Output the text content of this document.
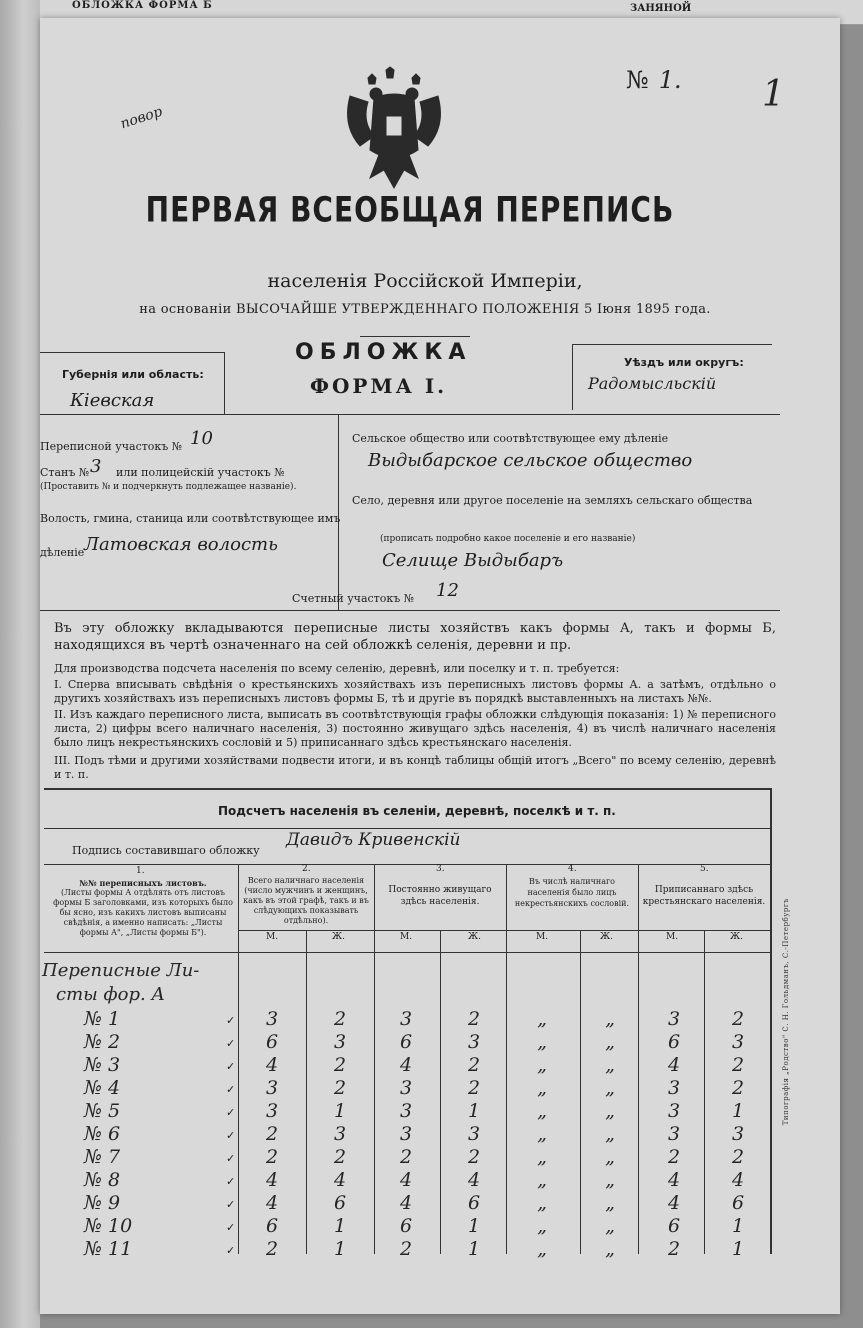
ОБЛОЖКА ФОРМА Б	ЗАНЯНОЙ
№ 1. 1
повор
ПЕРВАЯ ВСЕОБЩАЯ ПЕРЕПИСЬ
населенія Россійской Имперіи,
на основаніи ВЫСОЧАЙШЕ УТВЕРЖДЕННАГО ПОЛОЖЕНІЯ 5 Іюня 1895 года.
Губернія или область:
Кіевская
ОБЛОЖКА
ФОРМА I.
Уѣздъ или округъ:
Радомысльскій
Переписной участокъ № 10
Станъ № 3 или полицейскій участокъ №
(Проставить № и подчеркнуть подлежащее названіе).
Волость, гмина, станица или соотвѣтствующее имъ
дѣленіе Латовская волость
Сельское общество или соотвѣтствующее ему дѣленіе
Выдыбарское сельское общество
Село, деревня или другое поселеніе на земляхъ сельскаго общества
(прописать подробно какое поселеніе и его названіе)
Селище Выдыбаръ
Счетный участокъ № 12
Въ эту обложку вкладываются переписные листы хозяйствъ какъ формы А, такъ и формы Б, находящихся въ чертѣ означеннаго на сей обложкѣ селенія, деревни и пр.
Для производства подсчета населенія по всему селенію, деревнѣ, или поселку и т. п. требуется:
I. Сперва вписывать свѣдѣнія о крестьянскихъ хозяйствахъ изъ переписныхъ листовъ формы А. а затѣмъ, отдѣльно о другихъ хозяйствахъ изъ переписныхъ листовъ формы Б, тѣ и другіе въ порядкѣ выставленныхъ на листахъ №№.
II. Изъ каждаго переписного листа, выписать въ соотвѣтствующія графы обложки слѣдующія показанія: 1) № переписного листа, 2) цифры всего наличнаго населенія, 3) постоянно живущаго здѣсь населенія, 4) въ числѣ наличнаго населенія было лицъ некрестьянскихъ сословій и 5) приписаннаго здѣсь крестьянскаго населенія.
III. Подъ тѣми и другими хозяйствами подвести итоги, и въ концѣ таблицы общій итогъ „Всего" по всему селенію, деревнѣ и т. п.
Подсчетъ населенія въ селеніи, деревнѣ, поселкѣ и т. п.
Подпись составившаго обложку
Давидъ Кривенскій
1.	2.	3.	4.	5.
№№ переписныхъ листовъ.
(Листы формы А отдѣлять отъ листовъ формы Б заголовками, изъ которыхъ было бы ясно, изъ какихъ листовъ выписаны свѣдѣнія, а именно написать: „Листы формы А", „Листы формы Б").
Всего наличнаго населенія (число мужчинъ и женщинъ, какъ въ этой графѣ, такъ и въ слѣдующихъ показывать отдѣльно).
Постоянно живущаго здѣсь населенія.
Въ числѣ наличнаго населенія было лицъ некрестьянскихъ сословій.
Приписаннаго здѣсь крестьянскаго населенія.
М.	Ж.	М.	Ж.	М.	Ж.	М.	Ж.
Переписные Ли-
сты фор. А
№ 1	✓	3	2	3	2	„	„	3	2
№ 2	✓	6	3	6	3	„	„	6	3
№ 3	✓	4	2	4	2	„	„	4	2
№ 4	✓	3	2	3	2	„	„	3	2
№ 5	✓	3	1	3	1	„	„	3	1
№ 6	✓	2	3	3	3	„	„	3	3
№ 7	✓	2	2	2	2	„	„	2	2
№ 8	✓	4	4	4	4	„	„	4	4
№ 9	✓	4	6	4	6	„	„	4	6
№ 10	✓	6	1	6	1	„	„	6	1
№ 11	✓	2	1	2	1	„	„	2	1
Типографія „Родство" С. Н. Гольдманъ, С.-Петербургъ
